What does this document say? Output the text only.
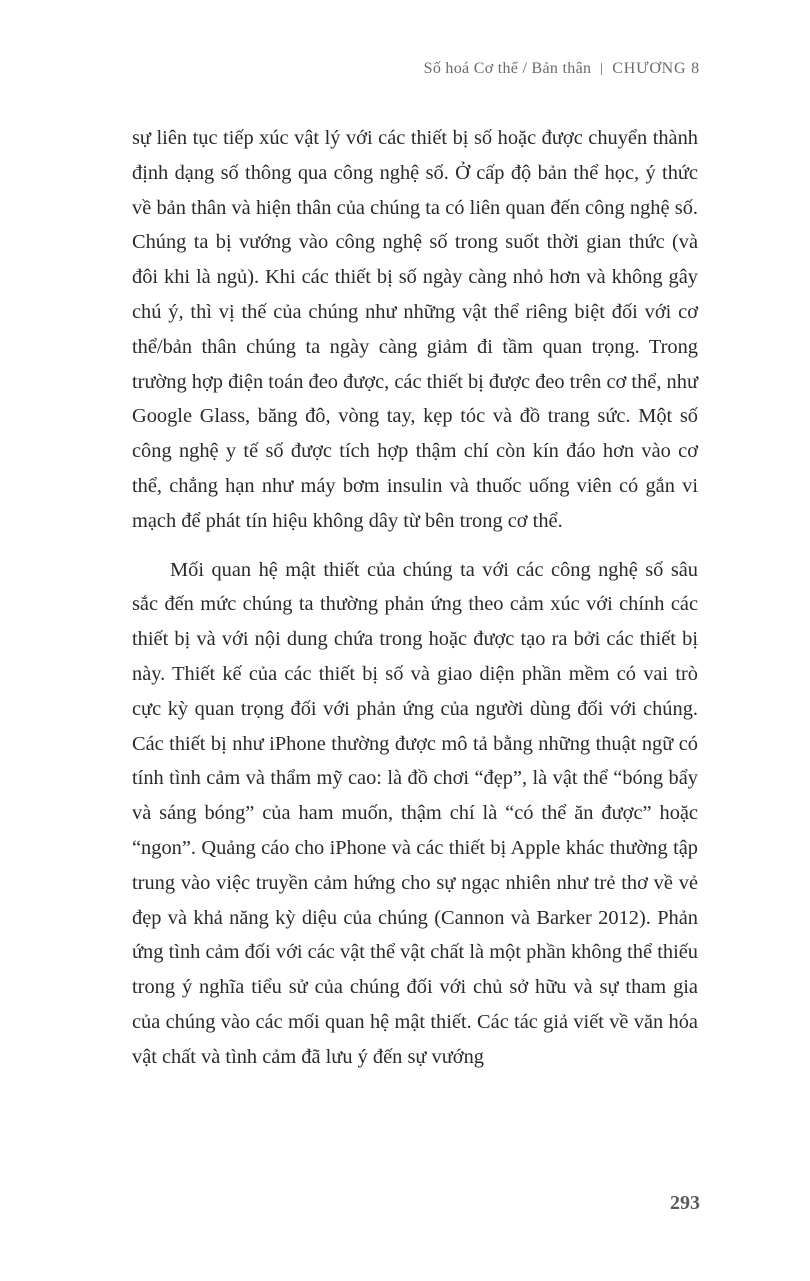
Số hoá Cơ thể / Bản thân CHƯƠNG 8

sự liên tục tiếp xúc vật lý với các thiết bị số hoặc được chuyển thành định dạng số thông qua công nghệ số. Ở cấp độ bản thể học, ý thức về bản thân và hiện thân của chúng ta có liên quan đến công nghệ số. Chúng ta bị vướng vào công nghệ số trong suốt thời gian thức (và đôi khi là ngủ). Khi các thiết bị số ngày càng nhỏ hơn và không gây chú ý, thì vị thế của chúng như những vật thể riêng biệt đối với cơ thể/bản thân chúng ta ngày càng giảm đi tầm quan trọng. Trong trường hợp điện toán đeo được, các thiết bị được đeo trên cơ thể, như Google Glass, băng đô, vòng tay, kẹp tóc và đồ trang sức. Một số công nghệ y tế số được tích hợp thậm chí còn kín đáo hơn vào cơ thể, chẳng hạn như máy bơm insulin và thuốc uống viên có gắn vi mạch để phát tín hiệu không dây từ bên trong cơ thể.

Mối quan hệ mật thiết của chúng ta với các công nghệ số sâu sắc đến mức chúng ta thường phản ứng theo cảm xúc với chính các thiết bị và với nội dung chứa trong hoặc được tạo ra bởi các thiết bị này. Thiết kế của các thiết bị số và giao diện phần mềm có vai trò cực kỳ quan trọng đối với phản ứng của người dùng đối với chúng. Các thiết bị như iPhone thường được mô tả bằng những thuật ngữ có tính tình cảm và thẩm mỹ cao: là đồ chơi “đẹp”, là vật thể “bóng bẩy và sáng bóng” của ham muốn, thậm chí là “có thể ăn được” hoặc “ngon”. Quảng cáo cho iPhone và các thiết bị Apple khác thường tập trung vào việc truyền cảm hứng cho sự ngạc nhiên như trẻ thơ về vẻ đẹp và khả năng kỳ diệu của chúng (Cannon và Barker 2012). Phản ứng tình cảm đối với các vật thể vật chất là một phần không thể thiếu trong ý nghĩa tiểu sử của chúng đối với chủ sở hữu và sự tham gia của chúng vào các mối quan hệ mật thiết. Các tác giả viết về văn hóa vật chất và tình cảm đã lưu ý đến sự vướng

293
